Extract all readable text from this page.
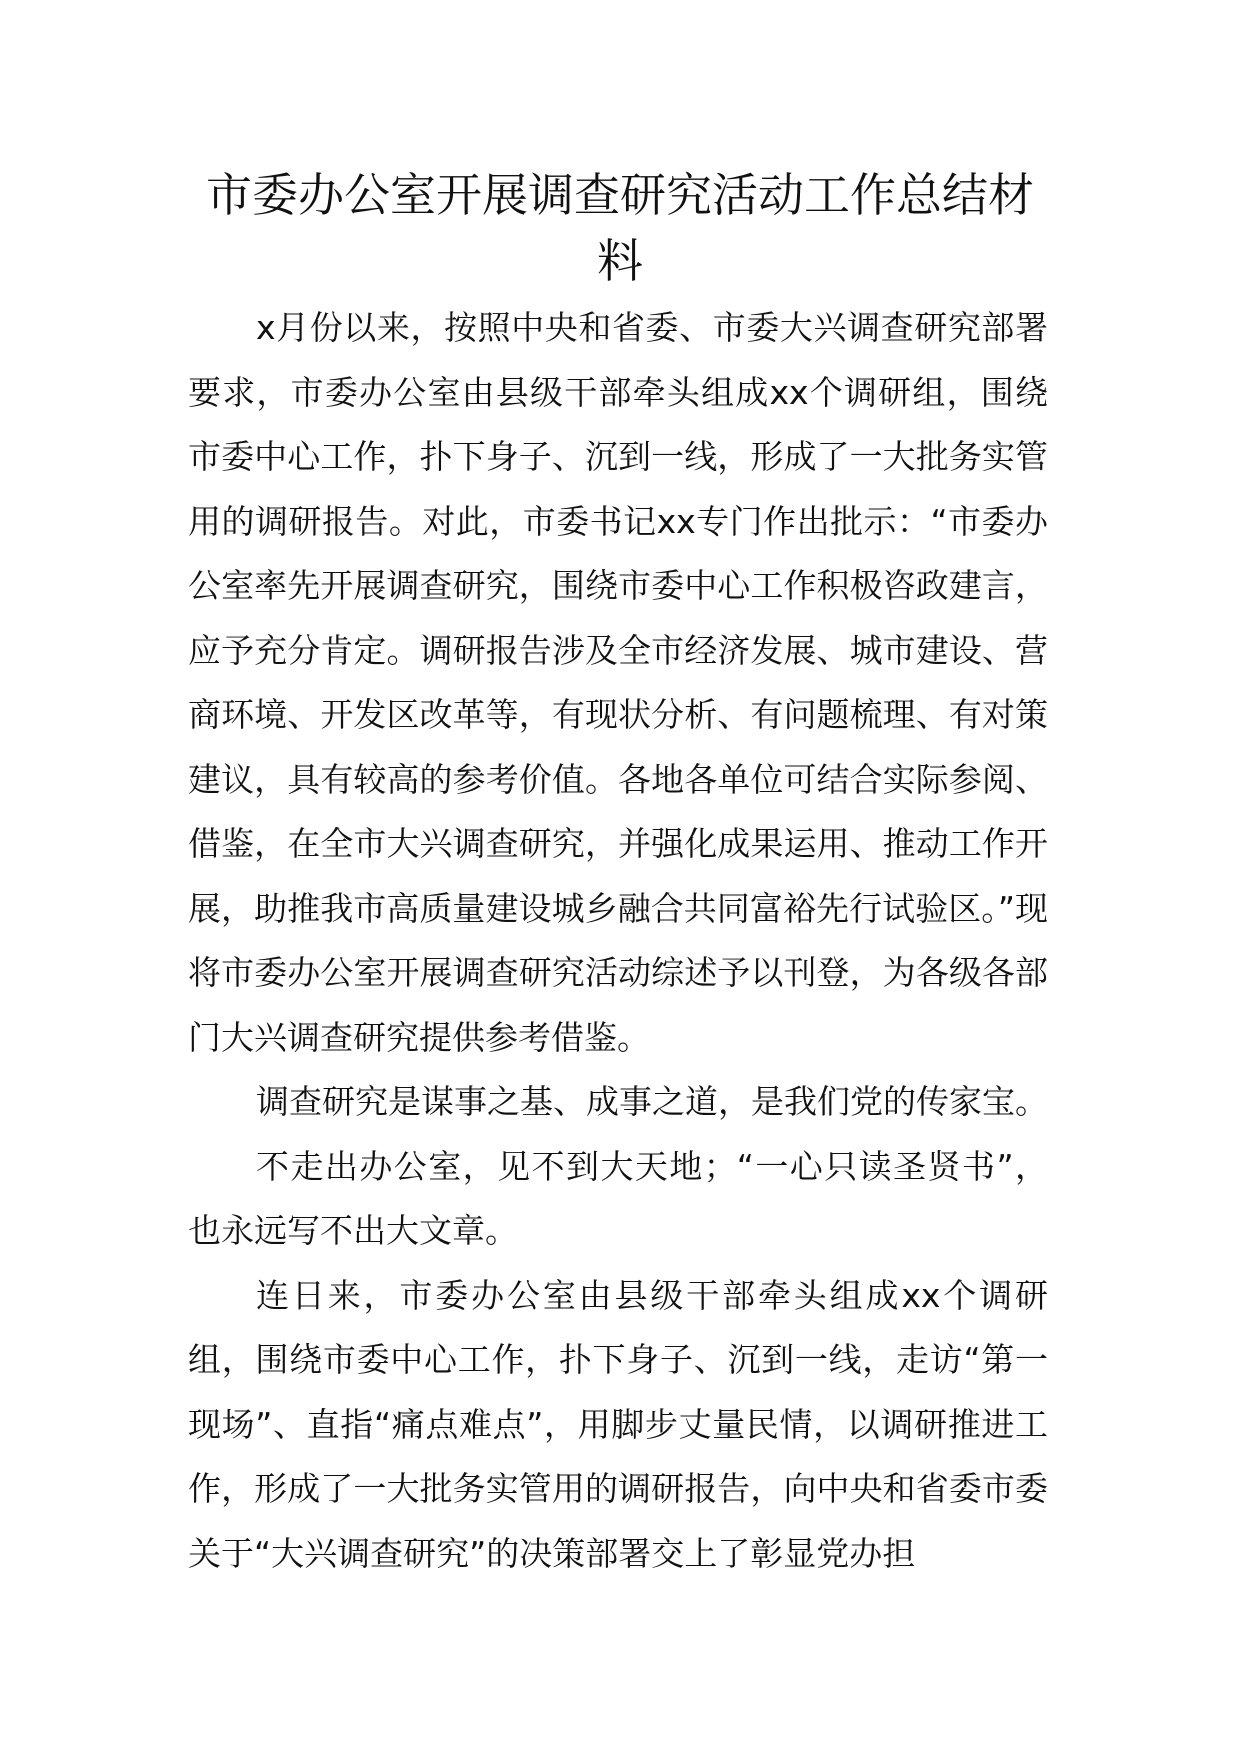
市委办公室开展调查研究活动工作总结材料

x月份以来，按照中央和省委、市委大兴调查研究部署要求，市委办公室由县级干部牵头组成xx个调研组，围绕市委中心工作，扑下身子、沉到一线，形成了一大批务实管用的调研报告。对此，市委书记xx专门作出批示：“市委办公室率先开展调查研究，围绕市委中心工作积极咨政建言，应予充分肯定。调研报告涉及全市经济发展、城市建设、营商环境、开发区改革等，有现状分析、有问题梳理、有对策建议，具有较高的参考价值。各地各单位可结合实际参阅、借鉴，在全市大兴调查研究，并强化成果运用、推动工作开展，助推我市高质量建设城乡融合共同富裕先行试验区。”现将市委办公室开展调查研究活动综述予以刊登，为各级各部门大兴调查研究提供参考借鉴。

调查研究是谋事之基、成事之道，是我们党的传家宝。

不走出办公室，见不到大天地；“一心只读圣贤书”，也永远写不出大文章。

连日来，市委办公室由县级干部牵头组成xx个调研组，围绕市委中心工作，扑下身子、沉到一线，走访“第一现场”、直指“痛点难点”，用脚步丈量民情，以调研推进工作，形成了一大批务实管用的调研报告，向中央和省委市委关于“大兴调查研究”的决策部署交上了彰显党办担
